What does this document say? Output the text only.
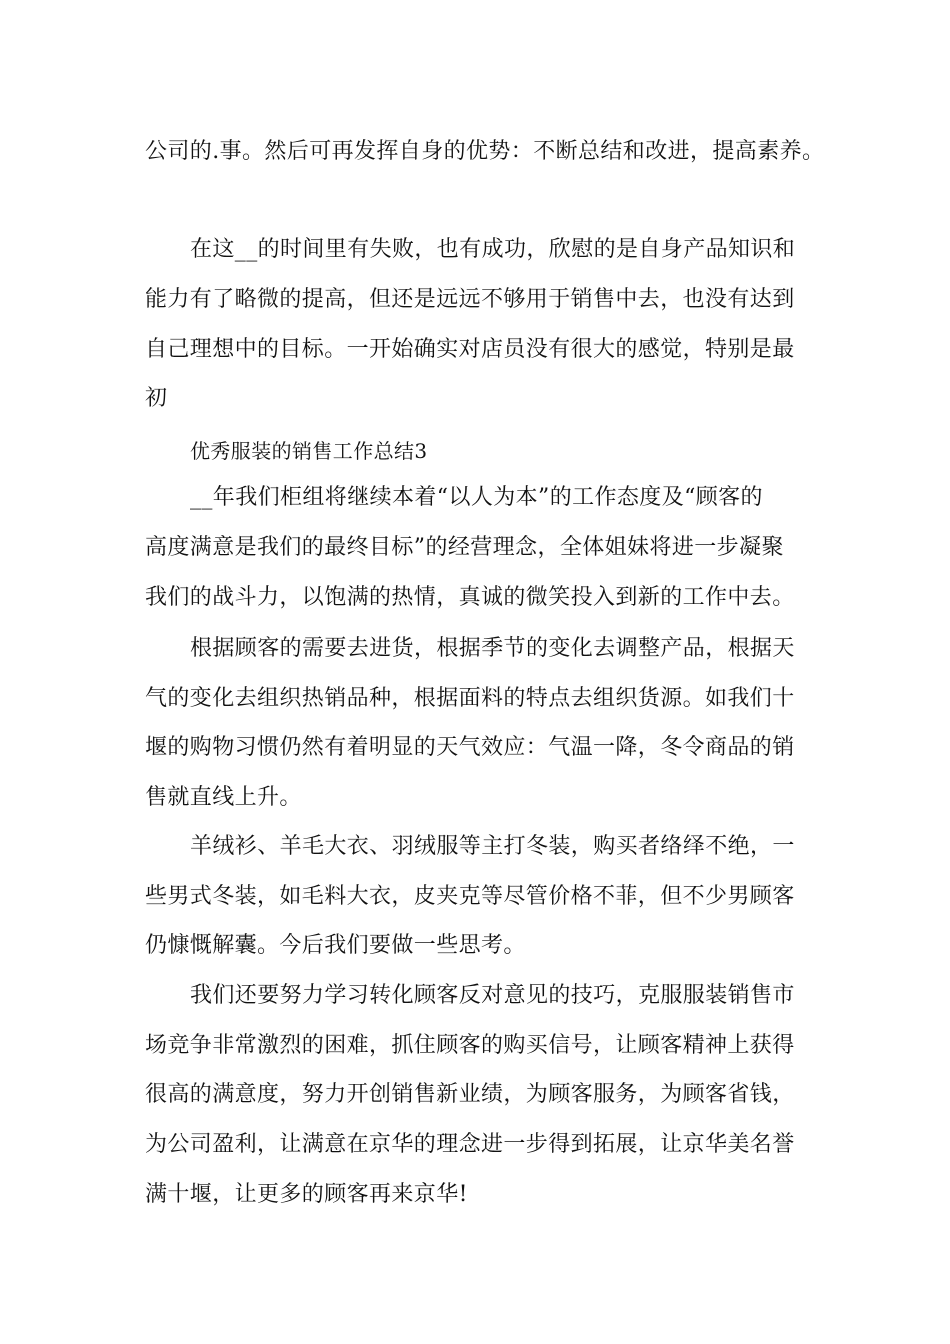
公司的.事。然后可再发挥自身的优势：不断总结和改进，提高素养。
在这__的时间里有失败，也有成功，欣慰的是自身产品知识和
能力有了略微的提高，但还是远远不够用于销售中去，也没有达到
自己理想中的目标。一开始确实对店员没有很大的感觉，特别是最
初
优秀服装的销售工作总结3
__年我们柜组将继续本着“以人为本”的工作态度及“顾客的
高度满意是我们的最终目标”的经营理念，全体姐妹将进一步凝聚
我们的战斗力，以饱满的热情，真诚的微笑投入到新的工作中去。
根据顾客的需要去进货，根据季节的变化去调整产品，根据天
气的变化去组织热销品种，根据面料的特点去组织货源。如我们十
堰的购物习惯仍然有着明显的天气效应：气温一降，冬令商品的销
售就直线上升。
羊绒衫、羊毛大衣、羽绒服等主打冬装，购买者络绎不绝，一
些男式冬装，如毛料大衣，皮夹克等尽管价格不菲，但不少男顾客
仍慷慨解囊。今后我们要做一些思考。
我们还要努力学习转化顾客反对意见的技巧，克服服装销售市
场竞争非常激烈的困难，抓住顾客的购买信号，让顾客精神上获得
很高的满意度，努力开创销售新业绩，为顾客服务，为顾客省钱，
为公司盈利，让满意在京华的理念进一步得到拓展，让京华美名誉
满十堰，让更多的顾客再来京华!
